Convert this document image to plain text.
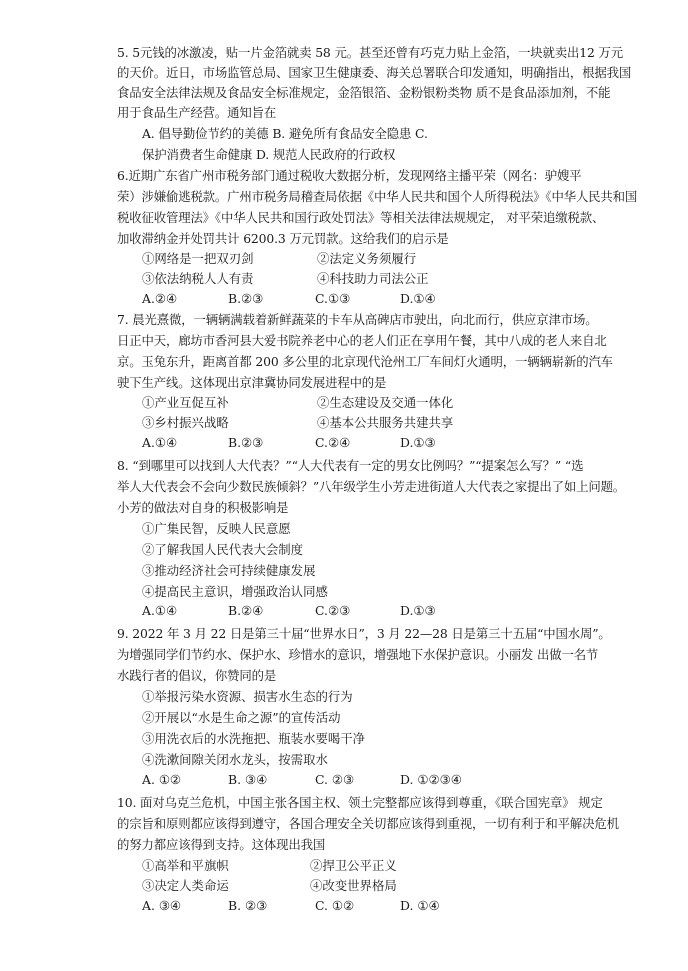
5. 5元钱的冰激凌，贴一片金箔就卖 58 元。甚至还曾有巧克力贴上金箔，一块就卖出12 万元
的天价。近日，市场监管总局、国家卫生健康委、海关总署联合印发通知，明确指出，根据我国
食品安全法律法规及食品安全标准规定，金箔银箔、金粉银粉类物 质不是食品添加剂，不能
用于食品生产经营。通知旨在
A. 倡导勤俭节约的美德 B. 避免所有食品安全隐患 C.
保护消费者生命健康 D. 规范人民政府的行政权
6.近期广东省广州市税务部门通过税收大数据分析，发现网络主播平荣（网名：驴嫂平
荣）涉嫌偷逃税款。广州市税务局稽查局依据《中华人民共和国个人所得税法》《中华人民共和国
税收征收管理法》《中华人民共和国行政处罚法》等相关法律法规规定， 对平荣追缴税款、
加收滞纳金并处罚共计 6200.3 万元罚款。这给我们的启示是
①网络是一把双刃剑	②法定义务须履行
③依法纳税人人有责	④科技助力司法公正
A.②④	B.②③	C.①③	D.①④
7. 晨光熹微，一辆辆满载着新鲜蔬菜的卡车从高碑店市驶出，向北而行，供应京津市场。
日正中天，廊坊市香河县大爱书院养老中心的老人们正在享用午餐，其中八成的老人来自北
京。玉兔东升，距离首都 200 多公里的北京现代沧州工厂车间灯火通明，一辆辆崭新的汽车
驶下生产线。这体现出京津冀协同发展进程中的是
①产业互促互补	②生态建设及交通一体化
③乡村振兴战略	④基本公共服务共建共享
A.①④	B.②③	C.②④	D.①③
8. “到哪里可以找到人大代表？”“人大代表有一定的男女比例吗？”“提案怎么写？” “选
举人大代表会不会向少数民族倾斜？”八年级学生小芳走进街道人大代表之家提出了如上问题。
小芳的做法对自身的积极影响是
①广集民智，反映人民意愿
②了解我国人民代表大会制度
③推动经济社会可持续健康发展
④提高民主意识，增强政治认同感
A.①④	B.②④	C.②③	D.①③
9. 2022 年 3 月 22 日是第三十届“世界水日”，3 月 22—28 日是第三十五届“中国水周”。
为增强同学们节约水、保护水、珍惜水的意识，增强地下水保护意识。小丽发 出做一名节
水践行者的倡议，你赞同的是
①举报污染水资源、损害水生态的行为
②开展以“水是生命之源”的宣传活动
③用洗衣后的水洗拖把、瓶装水要喝干净
④洗漱间隙关闭水龙头，按需取水
A. ①②	B. ③④	C. ②③	D. ①②③④
10. 面对乌克兰危机，中国主张各国主权、领土完整都应该得到尊重，《联合国宪章》 规定
的宗旨和原则都应该得到遵守，各国合理安全关切都应该得到重视，一切有利于和平解决危机
的努力都应该得到支持。这体现出我国
①高举和平旗帜	②捍卫公平正义
③决定人类命运	④改变世界格局
A. ③④	B. ②③	C. ①②	D. ①④
